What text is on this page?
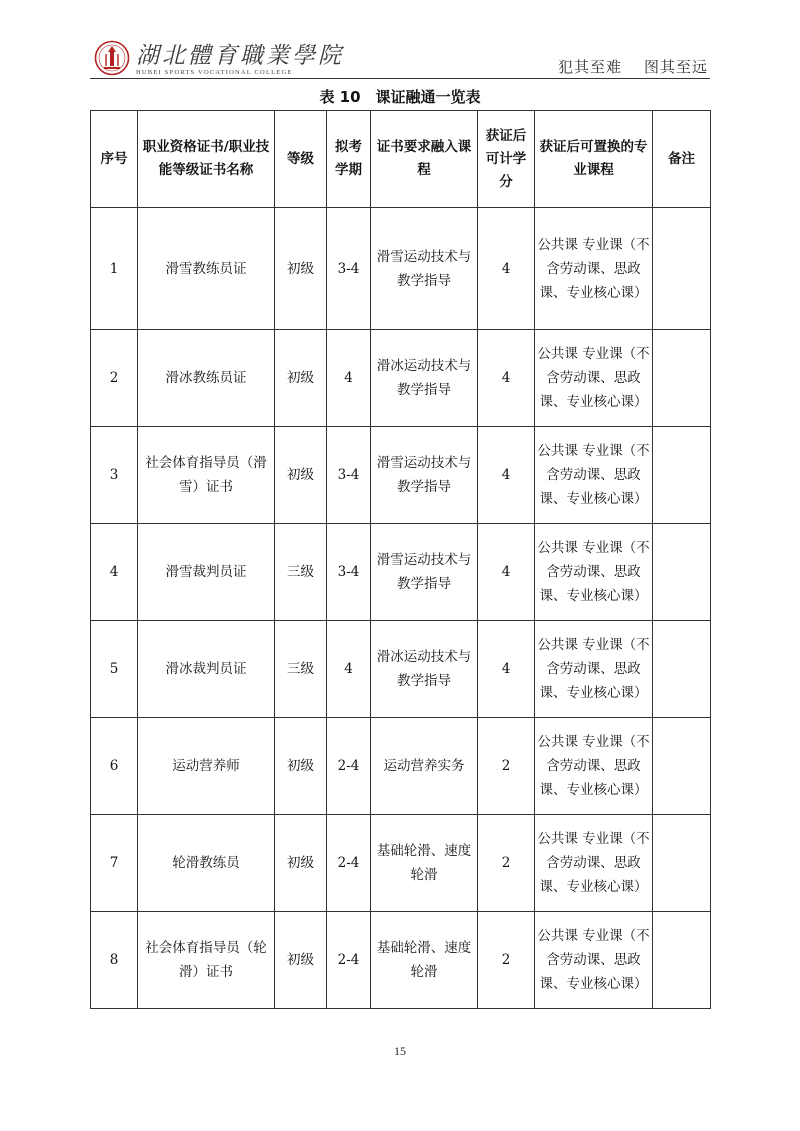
湖北體育職業學院
HUBEI SPORTS VOCATIONAL COLLEGE	犯其至难 图其至远
表 10　课证融通一览表
序号	职业资格证书/职业技能等级证书名称	等级	拟考学期	证书要求融入课程	获证后可计学分	获证后可置换的专业课程	备注
1	滑雪教练员证	初级	3-4	滑雪运动技术与教学指导	4	公共课 专业课（不含劳动课、思政课、专业核心课）	
2	滑冰教练员证	初级	4	滑冰运动技术与教学指导	4	公共课 专业课（不含劳动课、思政课、专业核心课）	
3	社会体育指导员（滑雪）证书	初级	3-4	滑雪运动技术与教学指导	4	公共课 专业课（不含劳动课、思政课、专业核心课）	
4	滑雪裁判员证	三级	3-4	滑雪运动技术与教学指导	4	公共课 专业课（不含劳动课、思政课、专业核心课）	
5	滑冰裁判员证	三级	4	滑冰运动技术与教学指导	4	公共课 专业课（不含劳动课、思政课、专业核心课）	
6	运动营养师	初级	2-4	运动营养实务	2	公共课 专业课（不含劳动课、思政课、专业核心课）	
7	轮滑教练员	初级	2-4	基础轮滑、速度轮滑	2	公共课 专业课（不含劳动课、思政课、专业核心课）	
8	社会体育指导员（轮滑）证书	初级	2-4	基础轮滑、速度轮滑	2	公共课 专业课（不含劳动课、思政课、专业核心课）	
15
